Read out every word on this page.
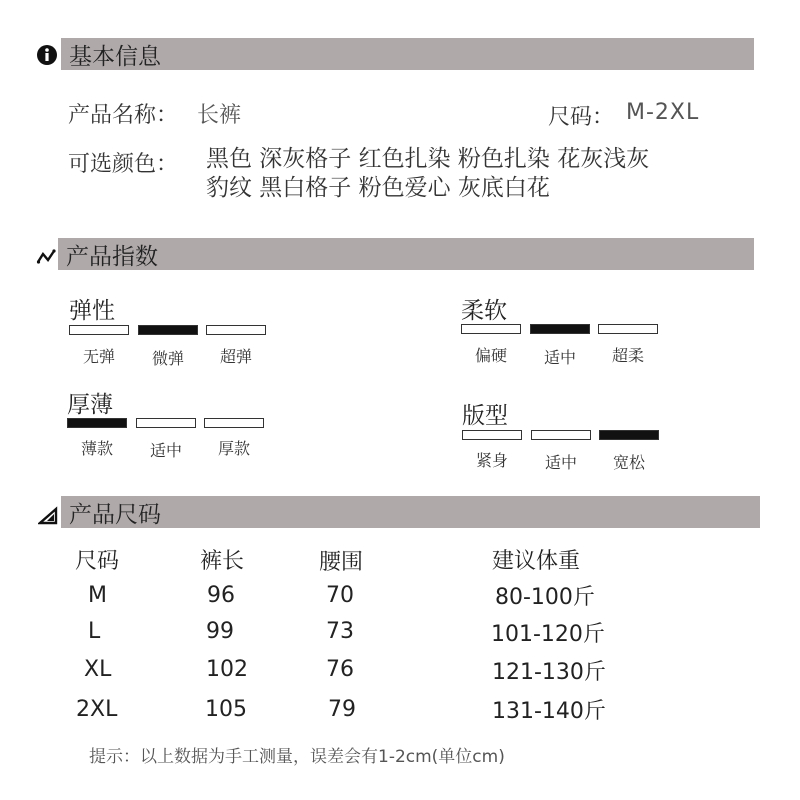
基本信息
产品名称： 长裤	尺码： M-2XL
可选颜色： 黑色 深灰格子 红色扎染 粉色扎染 花灰浅灰
豹纹 黑白格子 粉色爱心 灰底白花
产品指数
弹性
无弹	微弹	超弹
柔软
偏硬	适中	超柔
厚薄
薄款	适中	厚款
版型
紧身	适中	宽松
产品尺码
尺码	裤长	腰围	建议体重
M	96	70	80-100斤
L	99	73	101-120斤
XL	102	76	121-130斤
2XL	105	79	131-140斤
提示：以上数据为手工测量，误差会有1-2cm(单位cm)
